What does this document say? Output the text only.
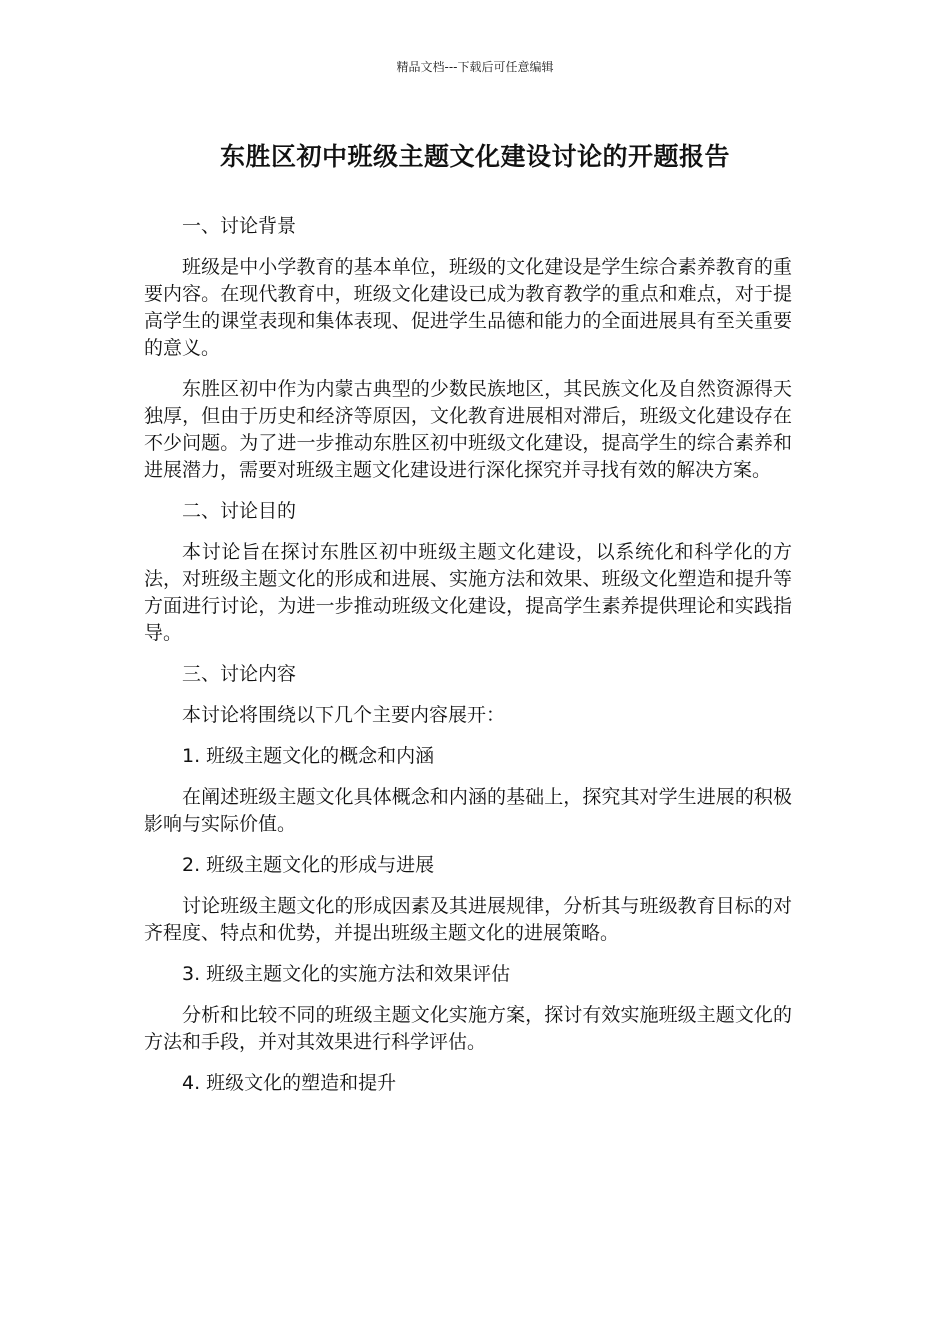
精品文档---下载后可任意编辑
东胜区初中班级主题文化建设讨论的开题报告

一、讨论背景

班级是中小学教育的基本单位，班级的文化建设是学生综合素养教育的重要内容。在现代教育中，班级文化建设已成为教育教学的重点和难点，对于提高学生的课堂表现和集体表现、促进学生品德和能力的全面进展具有至关重要的意义。

东胜区初中作为内蒙古典型的少数民族地区，其民族文化及自然资源得天独厚，但由于历史和经济等原因，文化教育进展相对滞后，班级文化建设存在不少问题。为了进一步推动东胜区初中班级文化建设，提高学生的综合素养和进展潜力，需要对班级主题文化建设进行深化探究并寻找有效的解决方案。

二、讨论目的

本讨论旨在探讨东胜区初中班级主题文化建设，以系统化和科学化的方法，对班级主题文化的形成和进展、实施方法和效果、班级文化塑造和提升等方面进行讨论，为进一步推动班级文化建设，提高学生素养提供理论和实践指导。

三、讨论内容

本讨论将围绕以下几个主要内容展开：

1. 班级主题文化的概念和内涵

在阐述班级主题文化具体概念和内涵的基础上，探究其对学生进展的积极影响与实际价值。

2. 班级主题文化的形成与进展

讨论班级主题文化的形成因素及其进展规律，分析其与班级教育目标的对齐程度、特点和优势，并提出班级主题文化的进展策略。

3. 班级主题文化的实施方法和效果评估

分析和比较不同的班级主题文化实施方案，探讨有效实施班级主题文化的方法和手段，并对其效果进行科学评估。

4. 班级文化的塑造和提升
